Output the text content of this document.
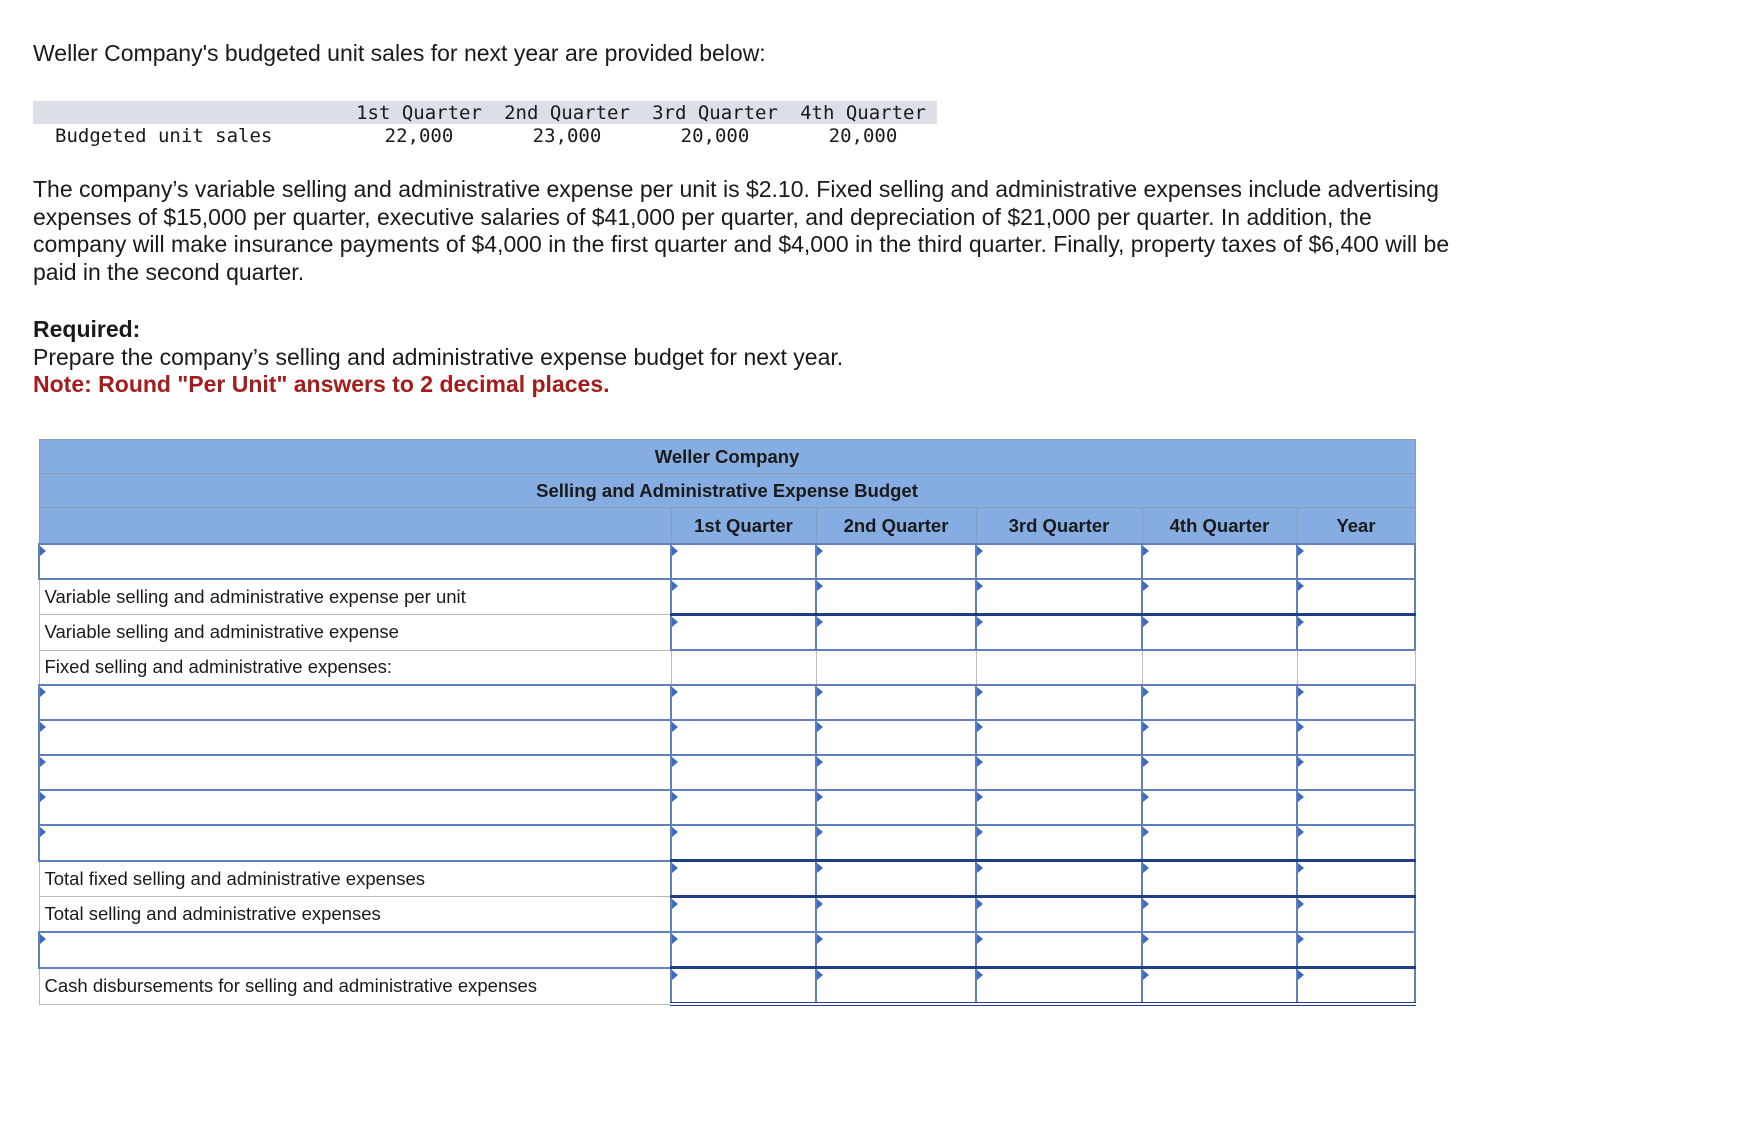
Weller Company's budgeted unit sales for next year are provided below:

	1st Quarter	2nd Quarter	3rd Quarter	4th Quarter
Budgeted unit sales	22,000	23,000	20,000	20,000

The company’s variable selling and administrative expense per unit is $2.10. Fixed selling and administrative expenses include advertising expenses of $15,000 per quarter, executive salaries of $41,000 per quarter, and depreciation of $21,000 per quarter. In addition, the company will make insurance payments of $4,000 in the first quarter and $4,000 in the third quarter. Finally, property taxes of $6,400 will be paid in the second quarter.

Required:
Prepare the company’s selling and administrative expense budget for next year.
Note: Round "Per Unit" answers to 2 decimal places.
Weller Company					
Selling and Administrative Expense Budget					
	1st Quarter	2nd Quarter	3rd Quarter	4th Quarter	Year

Variable selling and administrative expense per unit	

Variable selling and administrative expense	

Fixed selling and administrative expenses:					

Total fixed selling and administrative expenses	

Total selling and administrative expenses	

Cash disbursements for selling and administrative expenses	
